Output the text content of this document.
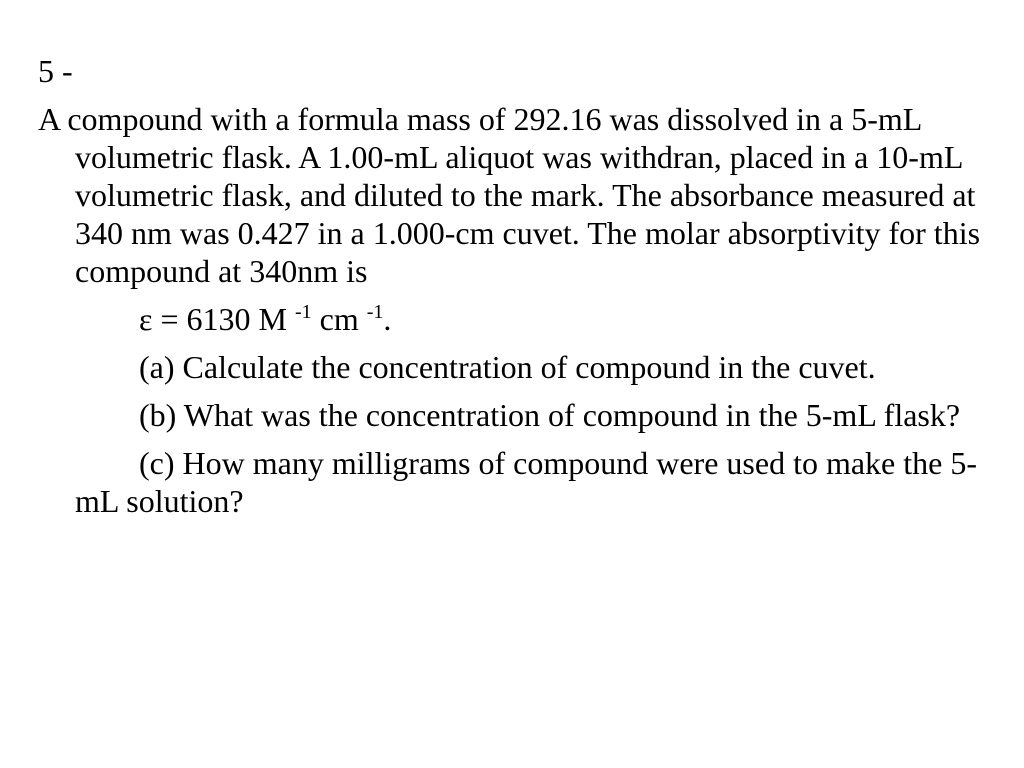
5 -
A compound with a formula mass of 292.16 was dissolved in a 5-mL volumetric flask. A 1.00-mL aliquot was withdran, placed in a 10-mL volumetric flask, and diluted to the mark. The absorbance measured at 340 nm was 0.427 in a 1.000-cm cuvet. The molar absorptivity for this compound at 340nm is
ε = 6130 M $^{-1}$ cm $^{-1}$.
(a) Calculate the concentration of compound in the cuvet.
(b) What was the concentration of compound in the 5-mL flask?
(c) How many milligrams of compound were used to make the 5-mL solution?
